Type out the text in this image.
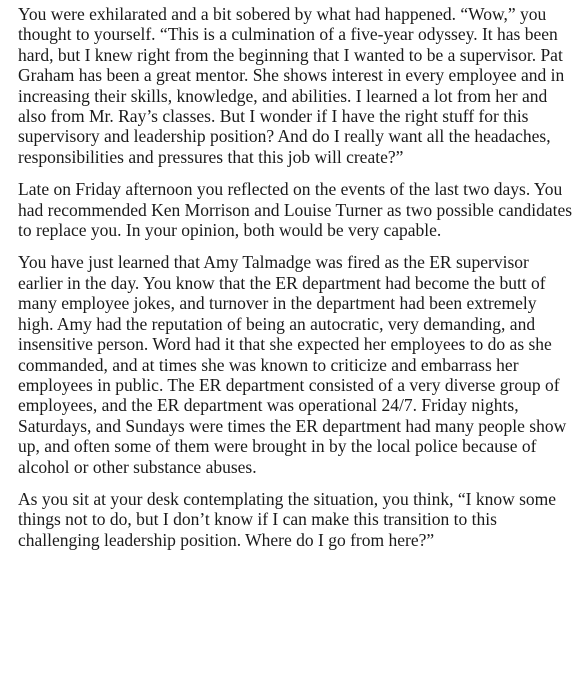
You were exhilarated and a bit sobered by what had happened. “Wow,” you thought to yourself. “This is a culmination of a five-year odyssey. It has been hard, but I knew right from the beginning that I wanted to be a supervisor. Pat Graham has been a great mentor. She shows interest in every employee and in increasing their skills, knowledge, and abilities. I learned a lot from her and also from Mr. Ray’s classes. But I wonder if I have the right stuff for this supervisory and leadership position? And do I really want all the headaches, responsibilities and pressures that this job will create?”

Late on Friday afternoon you reflected on the events of the last two days. You had recommended Ken Morrison and Louise Turner as two possible candidates to replace you. In your opinion, both would be very capable.

You have just learned that Amy Talmadge was fired as the ER supervisor earlier in the day. You know that the ER department had become the butt of many employee jokes, and turnover in the department had been extremely high. Amy had the reputation of being an autocratic, very demanding, and insensitive person. Word had it that she expected her employees to do as she commanded, and at times she was known to criticize and embarrass her employees in public. The ER department consisted of a very diverse group of employees, and the ER department was operational 24/7. Friday nights, Saturdays, and Sundays were times the ER department had many people show up, and often some of them were brought in by the local police because of alcohol or other substance abuses.

As you sit at your desk contemplating the situation, you think, “I know some things not to do, but I don’t know if I can make this transition to this challenging leadership position. Where do I go from here?”
